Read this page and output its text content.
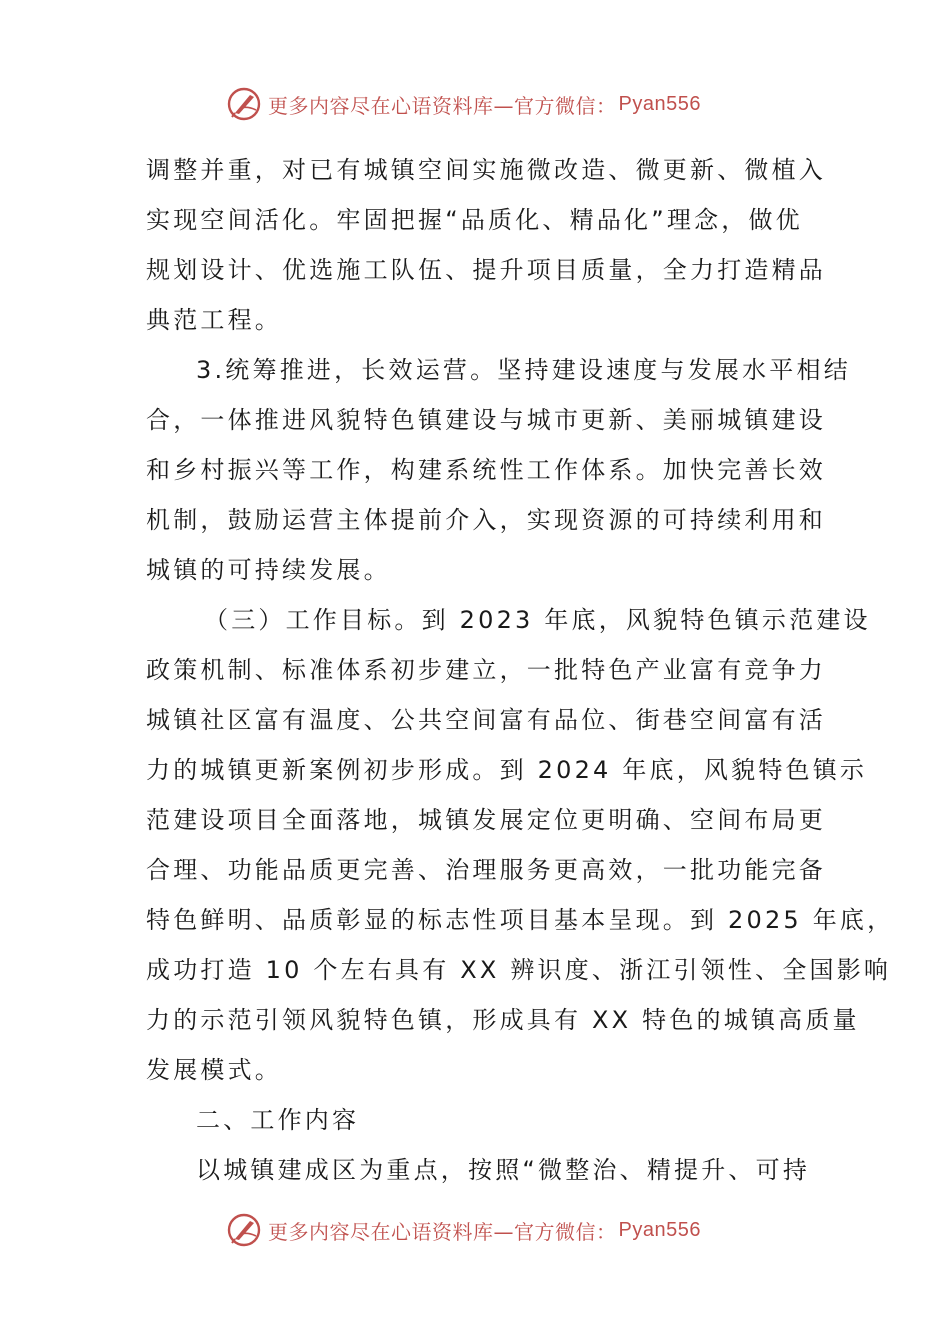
更多内容尽在心语资料库—官方微信： Pyan556
调整并重，对已有城镇空间实施微改造、微更新、微植入
实现空间活化。牢固把握“品质化、精品化”理念，做优
规划设计、优选施工队伍、提升项目质量，全力打造精品
典范工程。
3.统筹推进，长效运营。坚持建设速度与发展水平相结
合，一体推进风貌特色镇建设与城市更新、美丽城镇建设
和乡村振兴等工作，构建系统性工作体系。加快完善长效
机制，鼓励运营主体提前介入，实现资源的可持续利用和
城镇的可持续发展。
（三）工作目标。到 2023 年底，风貌特色镇示范建设
政策机制、标准体系初步建立，一批特色产业富有竞争力
城镇社区富有温度、公共空间富有品位、街巷空间富有活
力的城镇更新案例初步形成。到 2024 年底，风貌特色镇示
范建设项目全面落地，城镇发展定位更明确、空间布局更
合理、功能品质更完善、治理服务更高效，一批功能完备
特色鲜明、品质彰显的标志性项目基本呈现。到 2025 年底，
成功打造 10 个左右具有 XX 辨识度、浙江引领性、全国影响
力的示范引领风貌特色镇，形成具有 XX 特色的城镇高质量
发展模式。
二、工作内容
以城镇建成区为重点，按照“微整治、精提升、可持
更多内容尽在心语资料库—官方微信： Pyan556
